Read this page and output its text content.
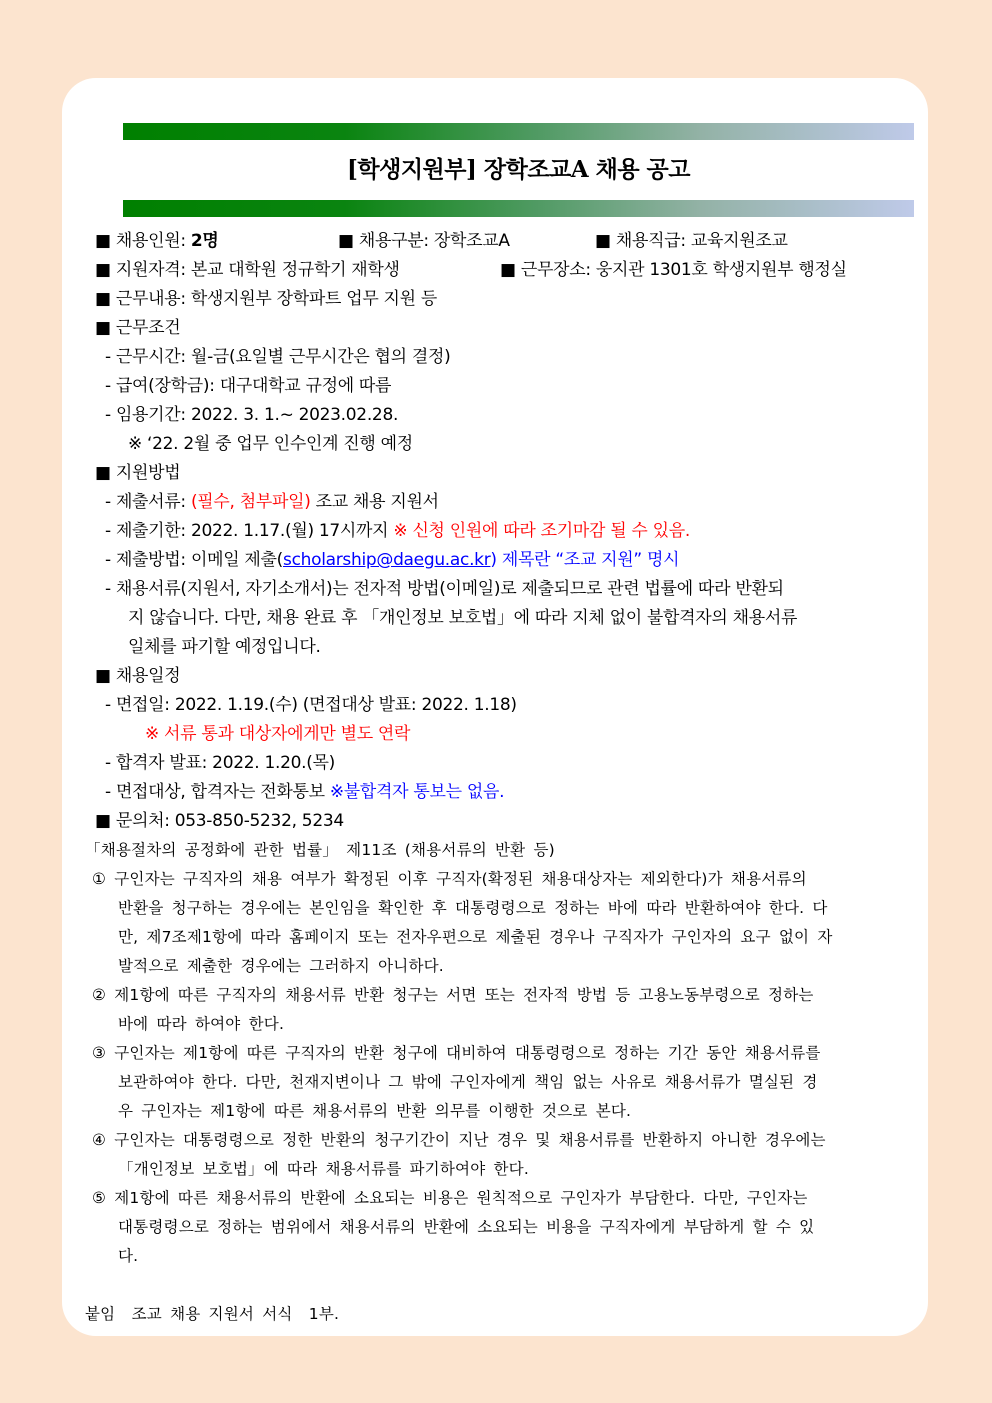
[학생지원부] 장학조교A 채용 공고
■ 채용인원: 2명	■ 채용구분: 장학조교A	■ 채용직급: 교육지원조교
■ 지원자격: 본교 대학원 정규학기 재학생	■ 근무장소: 웅지관 1301호 학생지원부 행정실
■ 근무내용: 학생지원부 장학파트 업무 지원 등
■ 근무조건
- 근무시간: 월-금(요일별 근무시간은 협의 결정)
- 급여(장학금): 대구대학교 규정에 따름
- 임용기간: 2022. 3. 1.~ 2023.02.28.
※ ‘22. 2월 중 업무 인수인계 진행 예정
■ 지원방법
- 제출서류: (필수, 첨부파일) 조교 채용 지원서
- 제출기한: 2022. 1.17.(월) 17시까지 ※ 신청 인원에 따라 조기마감 될 수 있음.
- 제출방법: 이메일 제출(scholarship@daegu.ac.kr) 제목란 “조교 지원” 명시
- 채용서류(지원서, 자기소개서)는 전자적 방법(이메일)로 제출되므로 관련 법률에 따라 반환되
지 않습니다. 다만, 채용 완료 후 「개인정보 보호법」에 따라 지체 없이 불합격자의 채용서류
일체를 파기할 예정입니다.
■ 채용일정
- 면접일: 2022. 1.19.(수) (면접대상 발표: 2022. 1.18)
※ 서류 통과 대상자에게만 별도 연락
- 합격자 발표: 2022. 1.20.(목)
- 면접대상, 합격자는 전화통보 ※불합격자 통보는 없음.
■ 문의처: 053-850-5232, 5234
「채용절차의 공정화에 관한 법률」 제11조 (채용서류의 반환 등)
① 구인자는 구직자의 채용 여부가 확정된 이후 구직자(확정된 채용대상자는 제외한다)가 채용서류의
반환을 청구하는 경우에는 본인임을 확인한 후 대통령령으로 정하는 바에 따라 반환하여야 한다. 다
만, 제7조제1항에 따라 홈페이지 또는 전자우편으로 제출된 경우나 구직자가 구인자의 요구 없이 자
발적으로 제출한 경우에는 그러하지 아니하다.
② 제1항에 따른 구직자의 채용서류 반환 청구는 서면 또는 전자적 방법 등 고용노동부령으로 정하는
바에 따라 하여야 한다.
③ 구인자는 제1항에 따른 구직자의 반환 청구에 대비하여 대통령령으로 정하는 기간 동안 채용서류를
보관하여야 한다. 다만, 천재지변이나 그 밖에 구인자에게 책임 없는 사유로 채용서류가 멸실된 경
우 구인자는 제1항에 따른 채용서류의 반환 의무를 이행한 것으로 본다.
④ 구인자는 대통령령으로 정한 반환의 청구기간이 지난 경우 및 채용서류를 반환하지 아니한 경우에는
「개인정보 보호법」에 따라 채용서류를 파기하여야 한다.
⑤ 제1항에 따른 채용서류의 반환에 소요되는 비용은 원칙적으로 구인자가 부담한다. 다만, 구인자는
대통령령으로 정하는 범위에서 채용서류의 반환에 소요되는 비용을 구직자에게 부담하게 할 수 있
다.
붙임  조교 채용 지원서 서식  1부.
